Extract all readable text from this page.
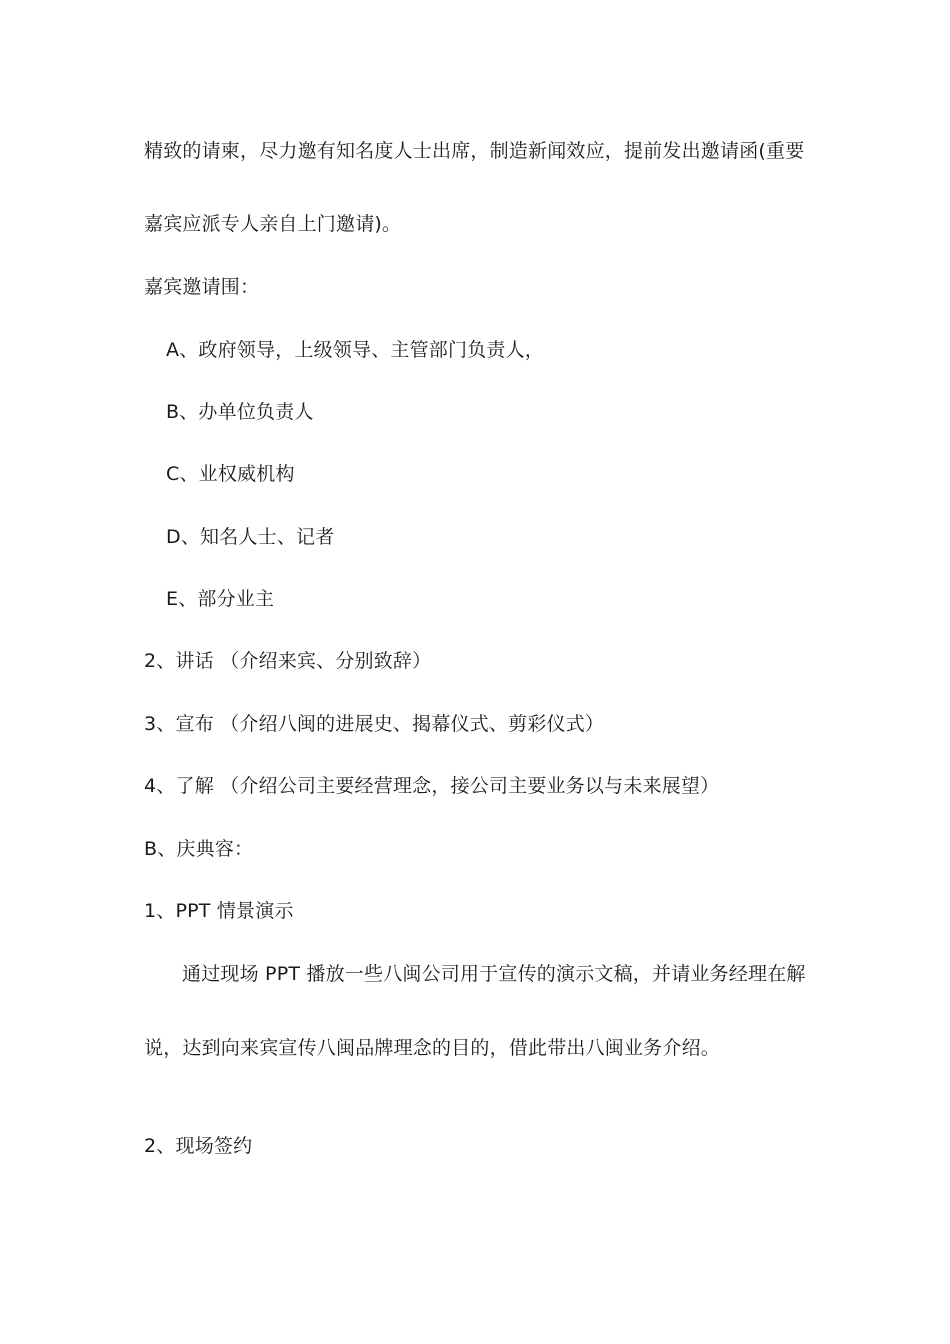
精致的请柬，尽力邀有知名度人士出席，制造新闻效应，提前发出邀请函(重要
嘉宾应派专人亲自上门邀请)。
嘉宾邀请围：
A、政府领导，上级领导、主管部门负责人，
B、办单位负责人
C、业权威机构
D、知名人士、记者
E、部分业主
2、讲话 （介绍来宾、分别致辞）
3、宣布 （介绍八闽的进展史、揭幕仪式、剪彩仪式）
4、了解 （介绍公司主要经营理念，接公司主要业务以与未来展望）
B、庆典容：
1、PPT 情景演示
通过现场 PPT 播放一些八闽公司用于宣传的演示文稿，并请业务经理在解
说，达到向来宾宣传八闽品牌理念的目的，借此带出八闽业务介绍。
2、现场签约
